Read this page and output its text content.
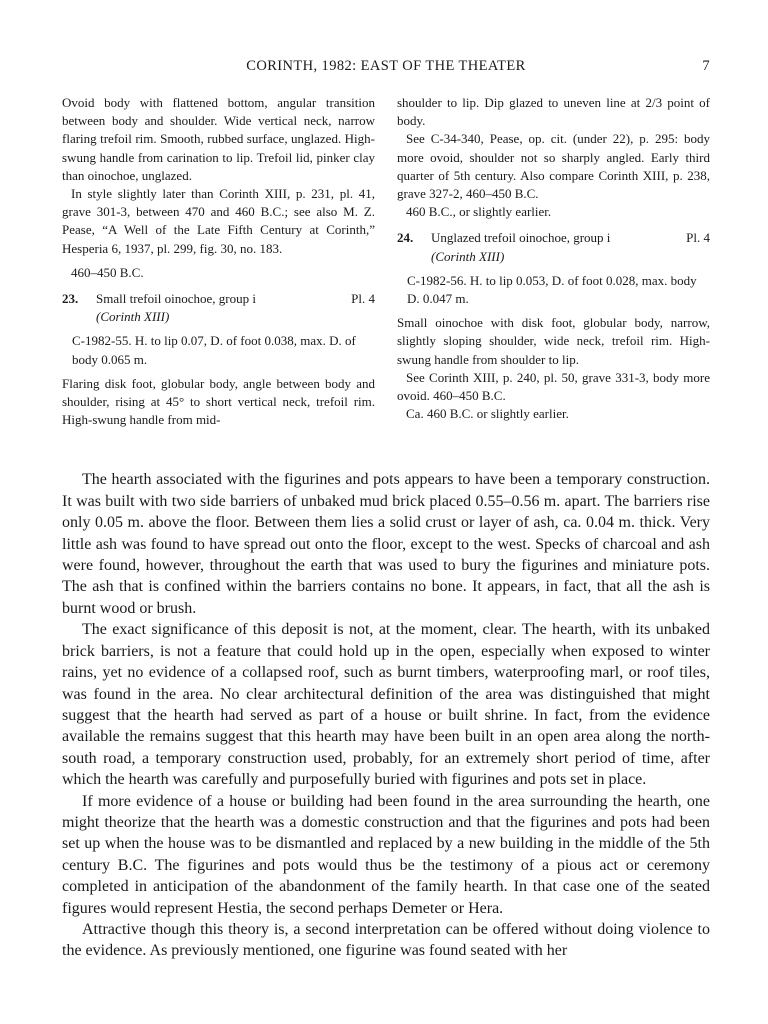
CORINTH, 1982: EAST OF THE THEATER	7

Ovoid body with flattened bottom, angular transition between body and shoulder. Wide vertical neck, narrow flaring trefoil rim. Smooth, rubbed surface, unglazed. High-swung handle from carination to lip. Trefoil lid, pinker clay than oinochoe, unglazed.

In style slightly later than Corinth XIII, p. 231, pl. 41, grave 301-3, between 470 and 460 B.C.; see also M. Z. Pease, “A Well of the Late Fifth Century at Corinth,” Hesperia 6, 1937, pl. 299, fig. 30, no. 183.

460–450 B.C.

23.	Small trefoil oinochoe, group i	Pl. 4
(Corinth XIII)
C-1982-55. H. to lip 0.07, D. of foot 0.038, max. D. of body 0.065 m.

Flaring disk foot, globular body, angle between body and shoulder, rising at 45° to short vertical neck, trefoil rim. High-swung handle from mid-

shoulder to lip. Dip glazed to uneven line at 2/3 point of body.

See C-34-340, Pease, op. cit. (under 22), p. 295: body more ovoid, shoulder not so sharply angled. Early third quarter of 5th century. Also compare Corinth XIII, p. 238, grave 327-2, 460–450 B.C.

460 B.C., or slightly earlier.

24.	Unglazed trefoil oinochoe, group i	Pl. 4
(Corinth XIII)
C-1982-56. H. to lip 0.053, D. of foot 0.028, max. body D. 0.047 m.

Small oinochoe with disk foot, globular body, narrow, slightly sloping shoulder, wide neck, trefoil rim. High-swung handle from shoulder to lip.

See Corinth XIII, p. 240, pl. 50, grave 331-3, body more ovoid. 460–450 B.C.

Ca. 460 B.C. or slightly earlier.

The hearth associated with the figurines and pots appears to have been a temporary construction. It was built with two side barriers of unbaked mud brick placed 0.55–0.56 m. apart. The barriers rise only 0.05 m. above the floor. Between them lies a solid crust or layer of ash, ca. 0.04 m. thick. Very little ash was found to have spread out onto the floor, except to the west. Specks of charcoal and ash were found, however, throughout the earth that was used to bury the figurines and miniature pots. The ash that is confined within the barriers contains no bone. It appears, in fact, that all the ash is burnt wood or brush.

The exact significance of this deposit is not, at the moment, clear. The hearth, with its unbaked brick barriers, is not a feature that could hold up in the open, especially when exposed to winter rains, yet no evidence of a collapsed roof, such as burnt timbers, waterproofing marl, or roof tiles, was found in the area. No clear architectural definition of the area was distinguished that might suggest that the hearth had served as part of a house or built shrine. In fact, from the evidence available the remains suggest that this hearth may have been built in an open area along the north-south road, a temporary construction used, probably, for an extremely short period of time, after which the hearth was carefully and purposefully buried with figurines and pots set in place.

If more evidence of a house or building had been found in the area surrounding the hearth, one might theorize that the hearth was a domestic construction and that the figurines and pots had been set up when the house was to be dismantled and replaced by a new building in the middle of the 5th century B.C. The figurines and pots would thus be the testimony of a pious act or ceremony completed in anticipation of the abandonment of the family hearth. In that case one of the seated figures would represent Hestia, the second perhaps Demeter or Hera.

Attractive though this theory is, a second interpretation can be offered without doing violence to the evidence. As previously mentioned, one figurine was found seated with her
